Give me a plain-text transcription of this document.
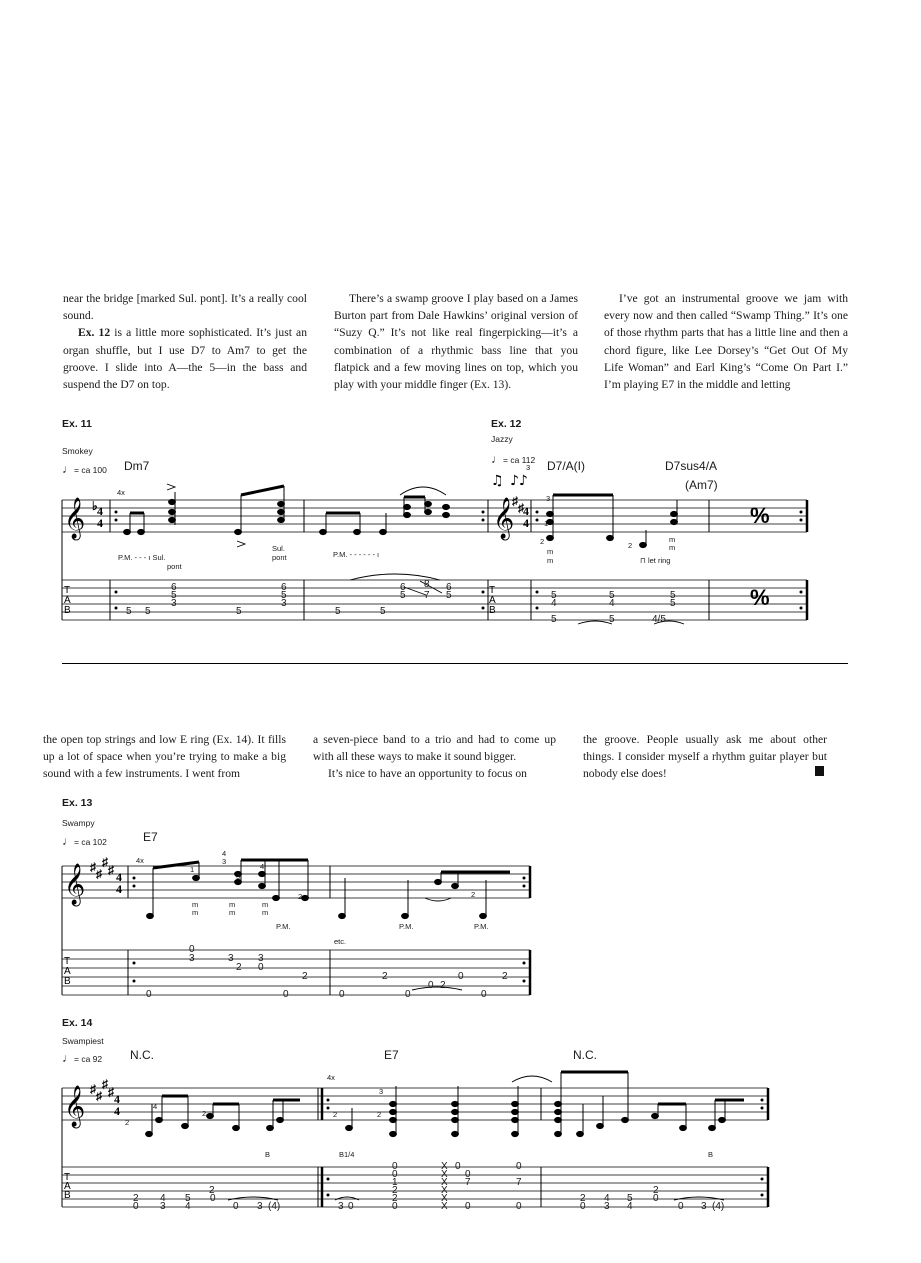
near the bridge [marked Sul. pont]. It’s a really cool sound.

Ex. 12 is a little more sophisticated. It’s just an organ shuffle, but I use D7 to Am7 to get the groove. I slide into A—the 5—in the bass and suspend the D7 on top.

There’s a swamp groove I play based on a James Burton part from Dale Hawkins’ original version of “Suzy Q.” It’s not like real fingerpicking—it’s a combination of a rhythmic bass line that you flatpick and a few moving lines on top, which you play with your middle finger (Ex. 13).

I’ve got an instrumental groove we jam with every now and then called “Swamp Thing.” It’s one of those rhythm parts that has a little line and then a chord figure, like Lee Dorsey’s “Get Out Of My Life Woman” and Earl King’s “Come On Part I.” I’m playing E7 in the middle and letting

Ex. 11
Smokey
♩= ca 100 Dm7
4x
Ex. 12
Jazzy
♩= ca 112 D7/A(I)	D7sus4/A
(Am7)
3
Ex. 13
Swampy
♩= ca 102	E7
4x
Ex. 14
Swampiest
♩= ca 92 N.C.	E7	N.C.
4x
𝄞	𝄞
♭ 4
4
♯ ♯ 4
4
T
A
B
T
A
B
%
%
♫ ♪♪
P.M. - - - ı Sul.
pont
Sul.
pont	P.M. - - - - - - ı
3
2
1
m
m
2
m
m
⊓ let ring
5 5
6
5
3
5
6
5
3
5	5
6 8 6
5 7 5	5
4
5	5
4	5
5	5	4/5

the open top strings and low E ring (Ex. 14). It fills up a lot of space when you’re trying to make a big sound with a few instruments. I went from

a seven-piece band to a trio and had to come up with all these ways to make it sound bigger.

It’s nice to have an opportunity to focus on

the groove. People usually ask me about other things. I consider myself a rhythm guitar player but nobody else does!

𝄞 ♯ ♯
♯
♯ 4
4
T
A
B
𝄞 ♯ ♯
♯
♯ 4
4
T
A
B
4
3
1	4
3
2	2
m
m
m
m
m
m
P.M.	P.M.	P.M.
etc.
0
3	3 3
2 0
2
0	0
2
0	0
0
2
0
2
0
B	B1/4	B
4
2
2
3
2
2
2
0
4
3
5
4
2
0
3 (4)
0	3 0
0
0
1
2
2
0
0
X
X
X
X
X
X
0
0
7	7
0	0
2
0
4
3
5
4
2
0
3 (4)
0
